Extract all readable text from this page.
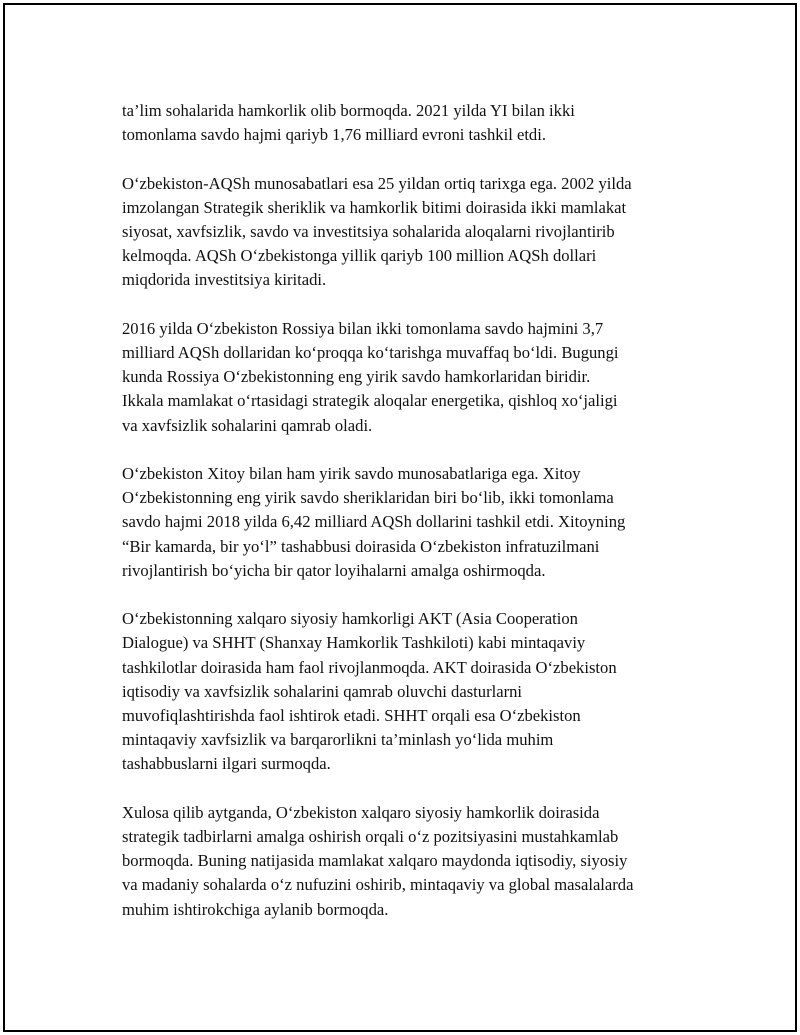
ta’lim sohalarida hamkorlik olib bormoqda. 2021 yilda YI bilan ikki
tomonlama savdo hajmi qariyb 1,76 milliard evroni tashkil etdi.

O‘zbekiston-AQSh munosabatlari esa 25 yildan ortiq tarixga ega. 2002 yilda
imzolangan Strategik sheriklik va hamkorlik bitimi doirasida ikki mamlakat
siyosat, xavfsizlik, savdo va investitsiya sohalarida aloqalarni rivojlantirib
kelmoqda. AQSh O‘zbekistonga yillik qariyb 100 million AQSh dollari
miqdorida investitsiya kiritadi.

2016 yilda O‘zbekiston Rossiya bilan ikki tomonlama savdo hajmini 3,7
milliard AQSh dollaridan ko‘proqqa ko‘tarishga muvaffaq bo‘ldi. Bugungi
kunda Rossiya O‘zbekistonning eng yirik savdo hamkorlaridan biridir.
Ikkala mamlakat o‘rtasidagi strategik aloqalar energetika, qishloq xo‘jaligi
va xavfsizlik sohalarini qamrab oladi.

O‘zbekiston Xitoy bilan ham yirik savdo munosabatlariga ega. Xitoy
O‘zbekistonning eng yirik savdo sheriklaridan biri bo‘lib, ikki tomonlama
savdo hajmi 2018 yilda 6,42 milliard AQSh dollarini tashkil etdi. Xitoyning
“Bir kamarda, bir yo‘l” tashabbusi doirasida O‘zbekiston infratuzilmani
rivojlantirish bo‘yicha bir qator loyihalarni amalga oshirmoqda.

O‘zbekistonning xalqaro siyosiy hamkorligi AKT (Asia Cooperation
Dialogue) va SHHT (Shanxay Hamkorlik Tashkiloti) kabi mintaqaviy
tashkilotlar doirasida ham faol rivojlanmoqda. AKT doirasida O‘zbekiston
iqtisodiy va xavfsizlik sohalarini qamrab oluvchi dasturlarni
muvofiqlashtirishda faol ishtirok etadi. SHHT orqali esa O‘zbekiston
mintaqaviy xavfsizlik va barqarorlikni ta’minlash yo‘lida muhim
tashabbuslarni ilgari surmoqda.

Xulosa qilib aytganda, O‘zbekiston xalqaro siyosiy hamkorlik doirasida
strategik tadbirlarni amalga oshirish orqali o‘z pozitsiyasini mustahkamlab
bormoqda. Buning natijasida mamlakat xalqaro maydonda iqtisodiy, siyosiy
va madaniy sohalarda o‘z nufuzini oshirib, mintaqaviy va global masalalarda
muhim ishtirokchiga aylanib bormoqda.
